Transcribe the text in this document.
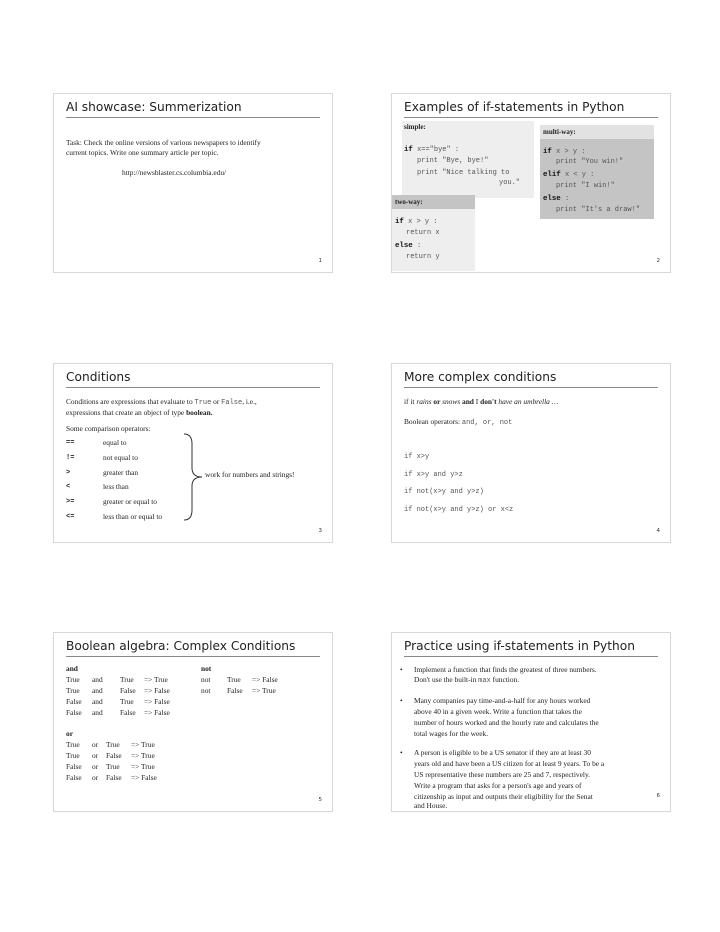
AI showcase: Summerization
Task: Check the online versions of various newspapers to identify
current topics. Write one summary article per topic.
http://newsblaster.cs.columbia.edu/
1
Examples of if-statements in Python
simple:
if x=="bye" :
print "Bye, bye!"
print "Nice talking to
you."
two-way:
if x > y :
return x
else :
return y
multi-way:
if x > y :
print "You win!"
elif x < y :
print "I win!"
else :
print "It's a draw!"
2
Conditions
Conditions are expressions that evaluate to True or False, i.e.,
expressions that create an object of type boolean.
Some comparison operators:
==	equal to
!=	not equal to
>	greater than
<	less than
>=	greater or equal to
<=	less than or equal to
work for numbers and strings!
3
More complex conditions
if it rains or snows and I don't have an umbrella …
Boolean operators: and, or, not
if x>y
if x>y and y>z
if not(x>y and y>z)
if not(x>y and y>z) or x<z
4
Boolean algebra: Complex Conditions
and
True and True => True
True and False => False
False and True => False
False and False => False
not
not True => False
not False => True
or
True or True => True
True or False => True
False or True => True
False or False => False
5
Practice using if-statements in Python
• Implement a function that finds the greatest of three numbers.
Don't use the built-in max function.
• Many companies pay time-and-a-half for any hours worked
above 40 in a given week. Write a function that takes the
number of hours worked and the hourly rate and calculates the
total wages for the week.
• A person is eligible to be a US senator if they are at least 30
years old and have been a US citizen for at least 9 years. To be a
US representative these numbers are 25 and 7, respectively.
Write a program that asks for a person's age and years of
citizenship as input and outputs their eligibility for the Senat
and House.
6
